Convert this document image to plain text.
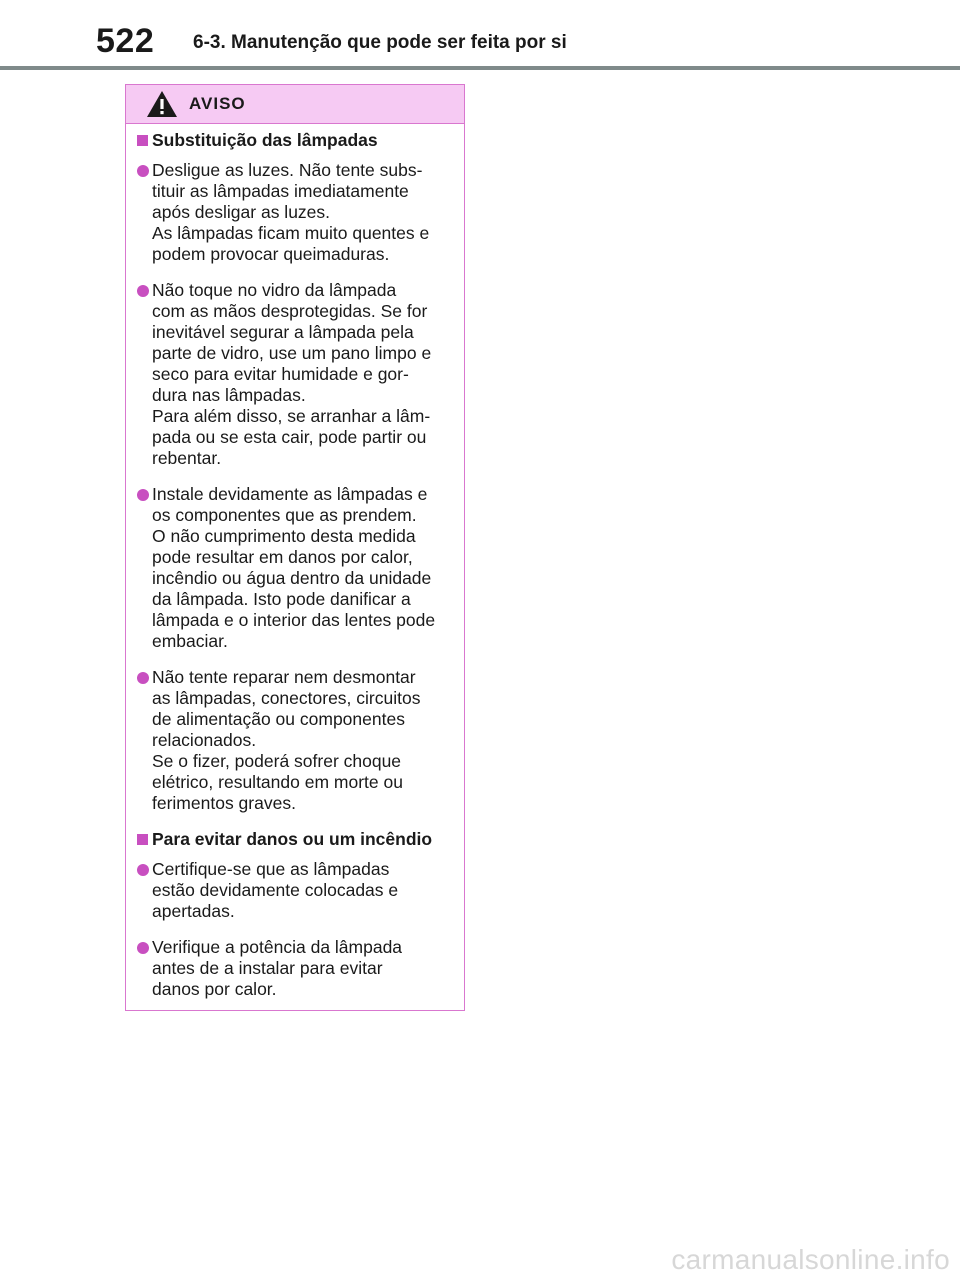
522 6-3. Manutenção que pode ser feita por si
AVISO
Substituição das lâmpadas
Desligue as luzes. Não tente subs-
tituir as lâmpadas imediatamente
após desligar as luzes.
As lâmpadas ficam muito quentes e
podem provocar queimaduras.
Não toque no vidro da lâmpada
com as mãos desprotegidas. Se for
inevitável segurar a lâmpada pela
parte de vidro, use um pano limpo e
seco para evitar humidade e gor-
dura nas lâmpadas.
Para além disso, se arranhar a lâm-
pada ou se esta cair, pode partir ou
rebentar.
Instale devidamente as lâmpadas e
os componentes que as prendem.
O não cumprimento desta medida
pode resultar em danos por calor,
incêndio ou água dentro da unidade
da lâmpada. Isto pode danificar a
lâmpada e o interior das lentes pode
embaciar.
Não tente reparar nem desmontar
as lâmpadas, conectores, circuitos
de alimentação ou componentes
relacionados.
Se o fizer, poderá sofrer choque
elétrico, resultando em morte ou
ferimentos graves.
Para evitar danos ou um incêndio
Certifique-se que as lâmpadas
estão devidamente colocadas e
apertadas.
Verifique a potência da lâmpada
antes de a instalar para evitar
danos por calor.
carmanualsonline.info
